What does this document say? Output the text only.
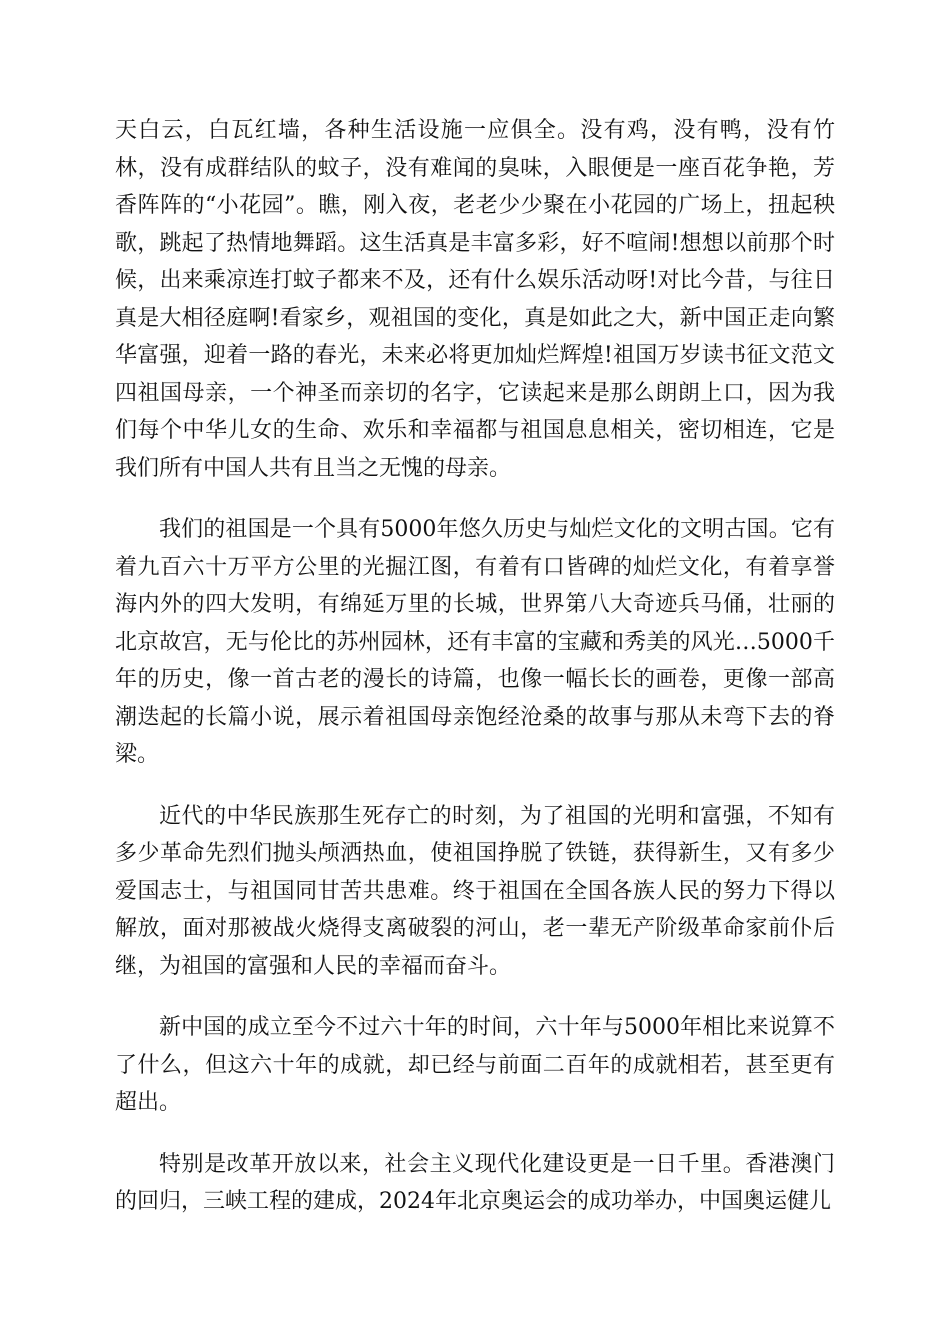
天白云，白瓦红墙，各种生活设施一应俱全。没有鸡，没有鸭，没有竹林，没有成群结队的蚊子，没有难闻的臭味，入眼便是一座百花争艳，芳香阵阵的“小花园”。瞧，刚入夜，老老少少聚在小花园的广场上，扭起秧歌，跳起了热情地舞蹈。这生活真是丰富多彩，好不喧闹!想想以前那个时候，出来乘凉连打蚊子都来不及，还有什么娱乐活动呀!对比今昔，与往日真是大相径庭啊!看家乡，观祖国的变化，真是如此之大，新中国正走向繁华富强，迎着一路的春光，未来必将更加灿烂辉煌!祖国万岁读书征文范文四祖国母亲，一个神圣而亲切的名字，它读起来是那么朗朗上口，因为我们每个中华儿女的生命、欢乐和幸福都与祖国息息相关，密切相连，它是我们所有中国人共有且当之无愧的母亲。

我们的祖国是一个具有5000年悠久历史与灿烂文化的文明古国。它有着九百六十万平方公里的光掘江图，有着有口皆碑的灿烂文化，有着享誉海内外的四大发明，有绵延万里的长城，世界第八大奇迹兵马俑，壮丽的北京故宫，无与伦比的苏州园林，还有丰富的宝藏和秀美的风光…5000千年的历史，像一首古老的漫长的诗篇，也像一幅长长的画卷，更像一部高潮迭起的长篇小说，展示着祖国母亲饱经沧桑的故事与那从未弯下去的脊梁。

近代的中华民族那生死存亡的时刻，为了祖国的光明和富强，不知有多少革命先烈们抛头颅洒热血，使祖国挣脱了铁链，获得新生，又有多少爱国志士，与祖国同甘苦共患难。终于祖国在全国各族人民的努力下得以解放，面对那被战火烧得支离破裂的河山，老一辈无产阶级革命家前仆后继，为祖国的富强和人民的幸福而奋斗。

新中国的成立至今不过六十年的时间，六十年与5000年相比来说算不了什么，但这六十年的成就，却已经与前面二百年的成就相若，甚至更有超出。

特别是改革开放以来，社会主义现代化建设更是一日千里。香港澳门的回归，三峡工程的建成，2024年北京奥运会的成功举办，中国奥运健儿
